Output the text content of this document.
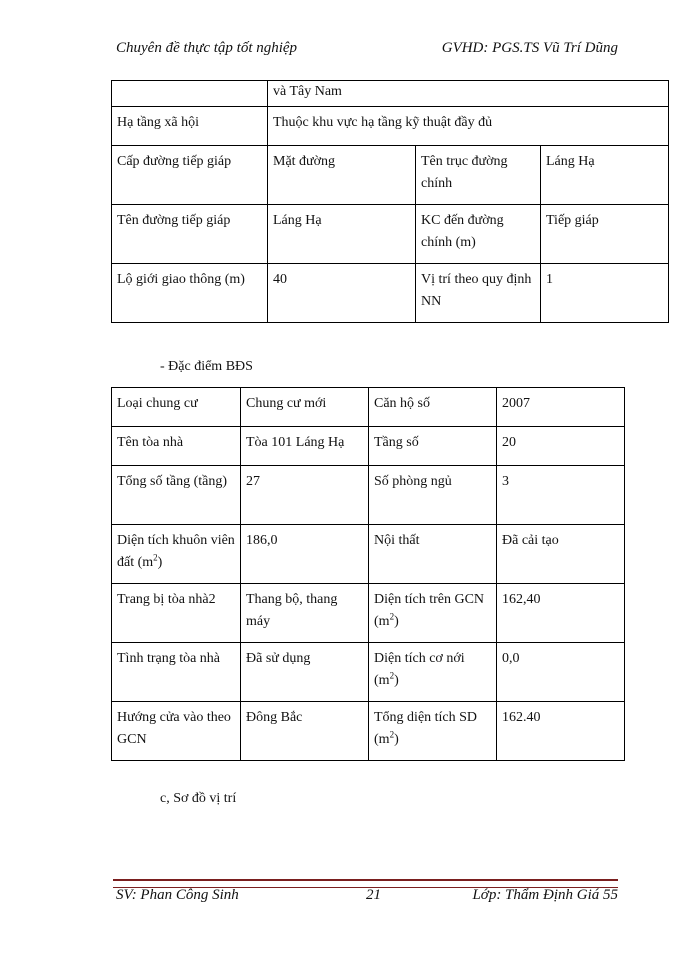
Chuyên đề thực tập tốt nghiệp	GVHD: PGS.TS Vũ Trí Dũng
	và Tây Nam		
Hạ tầng xã hội	Thuộc khu vực hạ tầng kỹ thuật đầy đủ		
Cấp đường tiếp giáp	Mặt đường	Tên trục đường chính	Láng Hạ
Tên đường tiếp giáp	Láng Hạ	KC đến đường chính (m)	Tiếp giáp
Lộ giới giao thông (m)	40	Vị trí theo quy định NN	1
- Đặc điểm BĐS
Loại chung cư	Chung cư mới	Căn hộ số	2007
Tên tòa nhà	Tòa 101 Láng Hạ	Tầng số	20
Tổng số tầng (tầng)	27	Số phòng ngủ	3
Diện tích khuôn viên đất $(m^2)$	186,0	Nội thất	Đã cải tạo
Trang bị tòa nhà2	Thang bộ, thang máy	Diện tích trên GCN $(m^2)$	162,40
Tình trạng tòa nhà	Đã sử dụng	Diện tích cơ nới $(m^2)$	0,0
Hướng cửa vào theo GCN	Đông Bắc	Tổng diện tích SD $(m^2)$	162.40
c, Sơ đồ vị trí
SV: Phan Công Sinh	21	Lớp: Thẩm Định Giá 55
